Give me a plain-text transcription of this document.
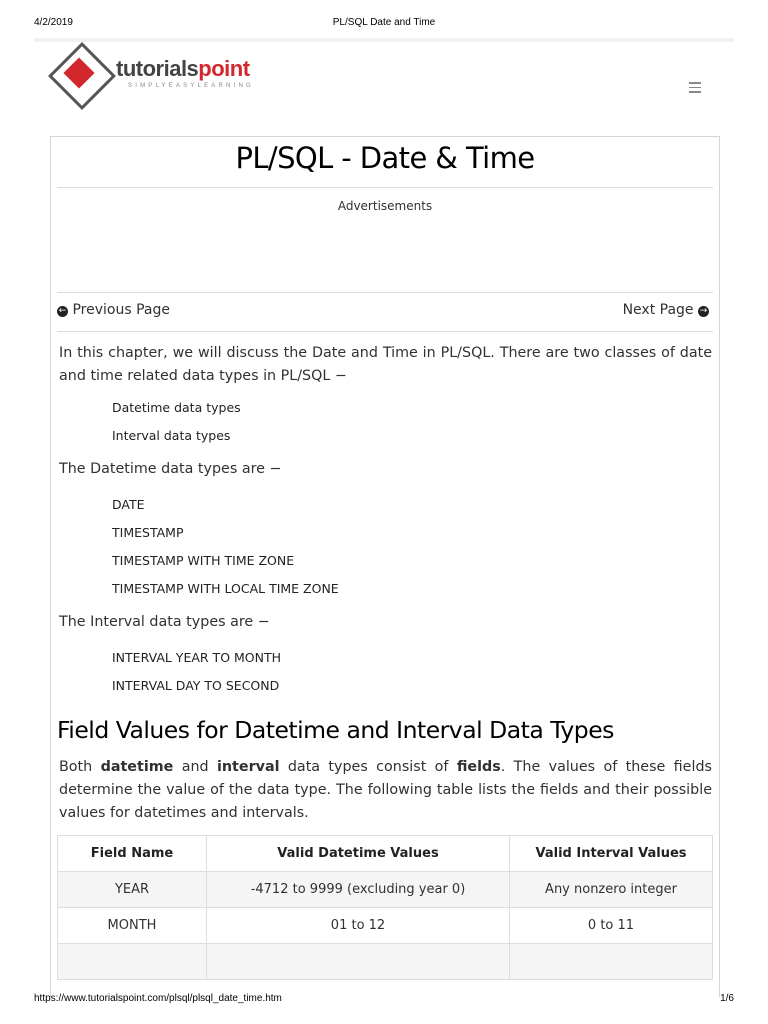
4/2/2019	PL/SQL Date and Time
tutorialspoint
SIMPLYEASYLEARNING
PL/SQL - Date & Time
Advertisements
← Previous Page	Next Page →

In this chapter, we will discuss the Date and Time in PL/SQL. There are two classes of date and time related data types in PL/SQL −

Datetime data types
Interval data types

The Datetime data types are −

DATE
TIMESTAMP
TIMESTAMP WITH TIME ZONE
TIMESTAMP WITH LOCAL TIME ZONE

The Interval data types are −

INTERVAL YEAR TO MONTH
INTERVAL DAY TO SECOND
Field Values for Datetime and Interval Data Types

Both datetime and interval data types consist of fields. The values of these fields determine the value of the data type. The following table lists the fields and their possible values for datetimes and intervals.

Field Name	Valid Datetime Values	Valid Interval Values
YEAR	-4712 to 9999 (excluding year 0)	Any nonzero integer
MONTH	01 to 12	0 to 11

https://www.tutorialspoint.com/plsql/plsql_date_time.htm	1/6
